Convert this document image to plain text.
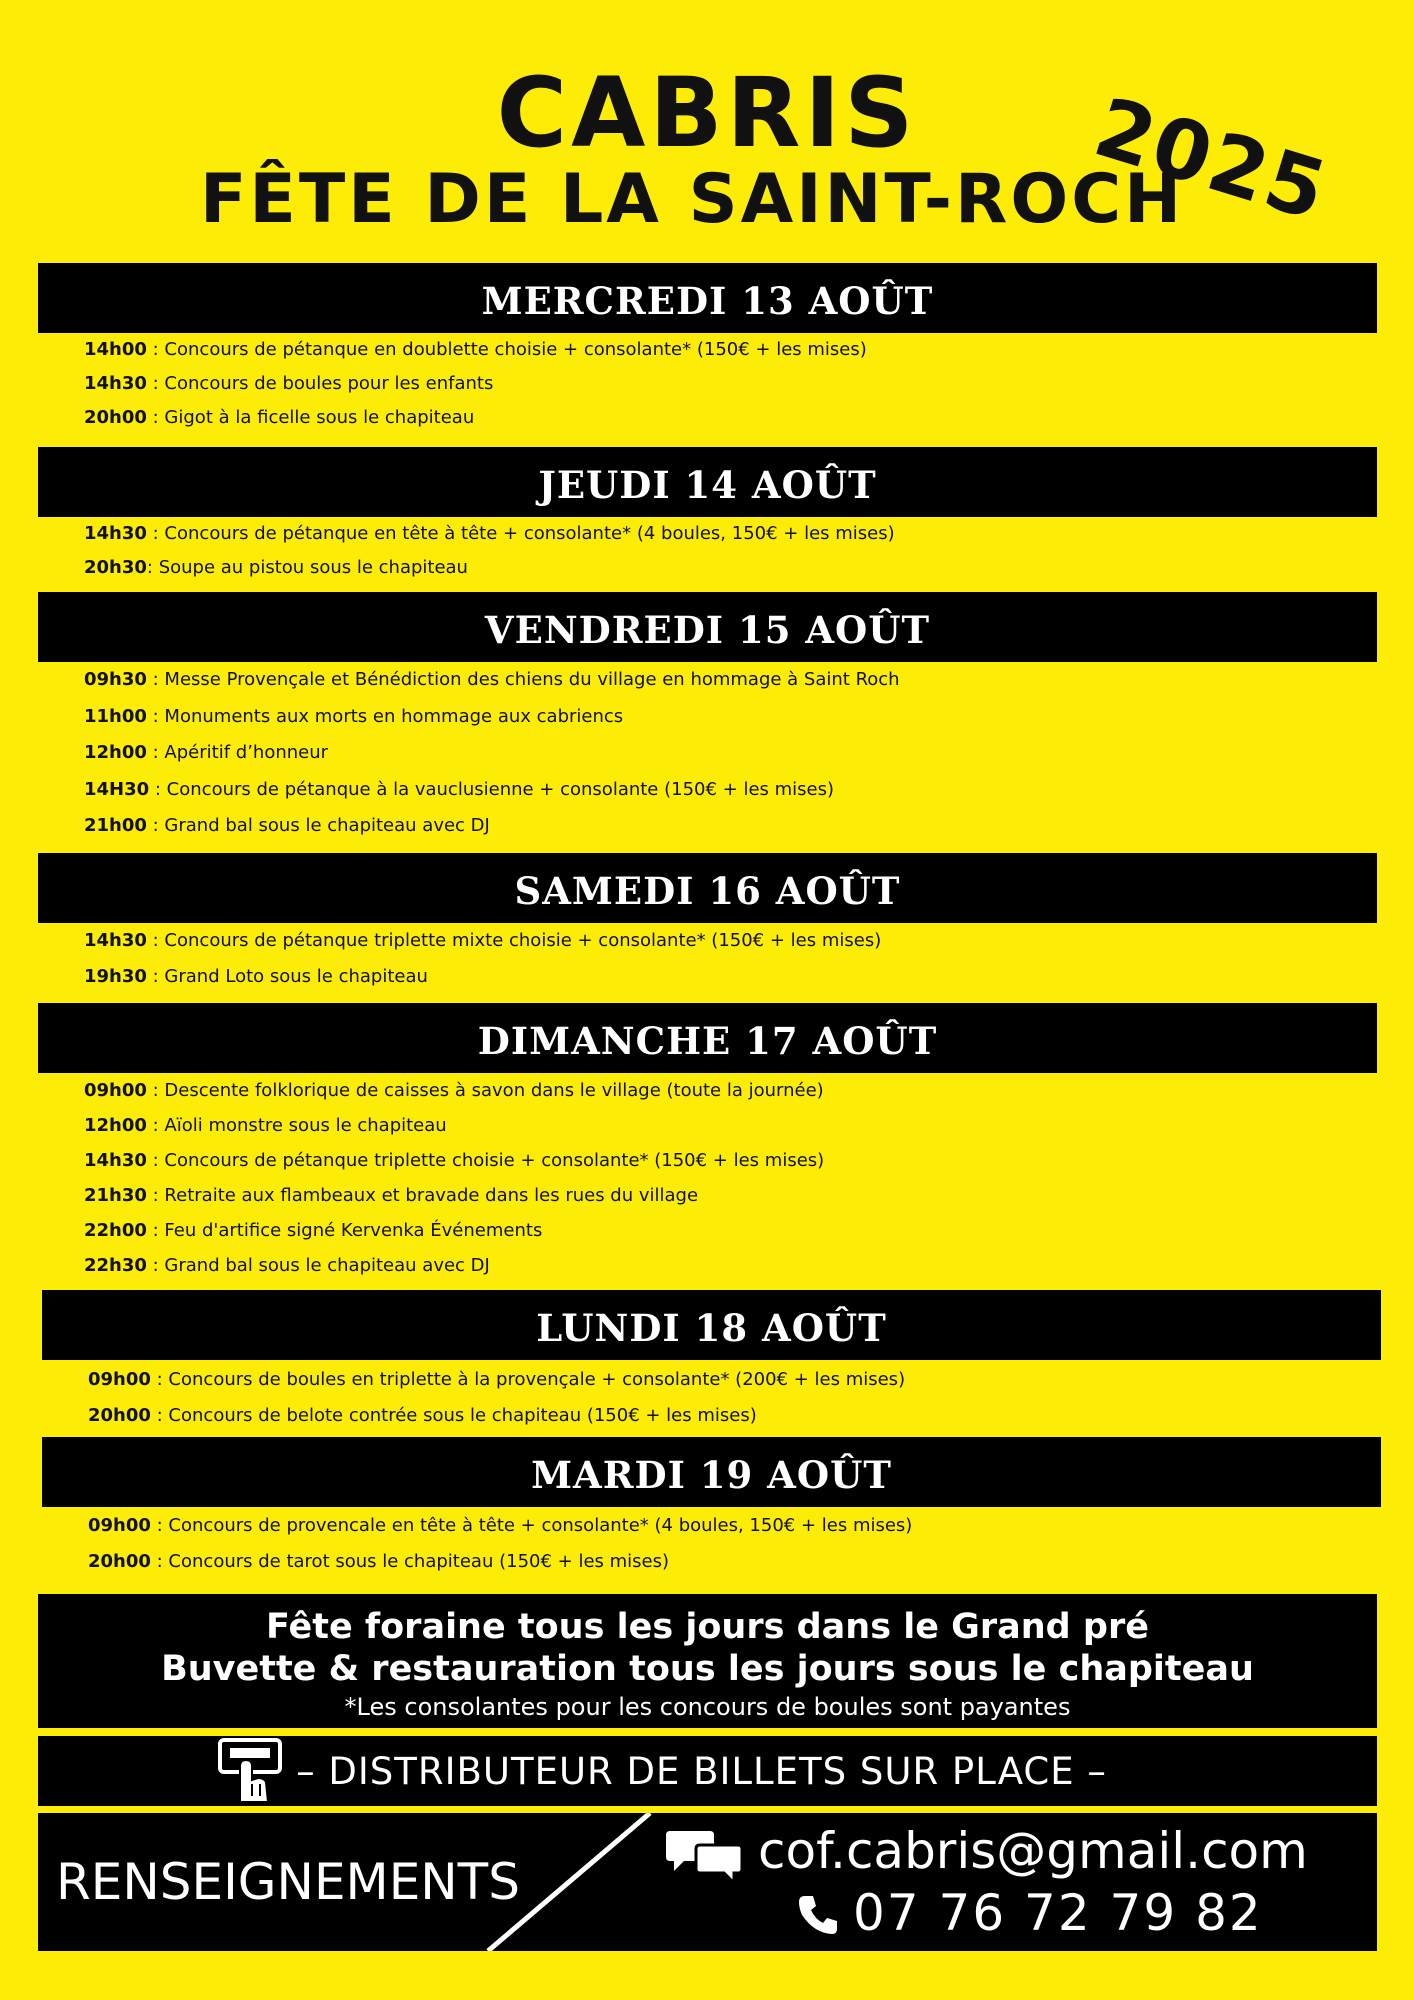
CABRIS
FÊTE DE LA SAINT-ROCH
2025
MERCREDI 13 AOÛT
14h00 : Concours de pétanque en doublette choisie + consolante* (150€ + les mises)
14h30 : Concours de boules pour les enfants
20h00 : Gigot à la ficelle sous le chapiteau
JEUDI 14 AOÛT
14h30 : Concours de pétanque en tête à tête + consolante* (4 boules, 150€ + les mises)
20h30: Soupe au pistou sous le chapiteau
VENDREDI 15 AOÛT
09h30 : Messe Provençale et Bénédiction des chiens du village en hommage à Saint Roch
11h00 : Monuments aux morts en hommage aux cabriencs
12h00 : Apéritif d’honneur
14H30 : Concours de pétanque à la vauclusienne + consolante (150€ + les mises)
21h00 : Grand bal sous le chapiteau avec DJ
SAMEDI 16 AOÛT
14h30 : Concours de pétanque triplette mixte choisie + consolante* (150€ + les mises)
19h30 : Grand Loto sous le chapiteau
DIMANCHE 17 AOÛT
09h00 : Descente folklorique de caisses à savon dans le village (toute la journée)
12h00 : Aïoli monstre sous le chapiteau
14h30 : Concours de pétanque triplette choisie + consolante* (150€ + les mises)
21h30 : Retraite aux flambeaux et bravade dans les rues du village
22h00 : Feu d'artifice signé Kervenka Événements
22h30 : Grand bal sous le chapiteau avec DJ
LUNDI 18 AOÛT
09h00 : Concours de boules en triplette à la provençale + consolante* (200€ + les mises)
20h00 : Concours de belote contrée sous le chapiteau (150€ + les mises)
MARDI 19 AOÛT
09h00 : Concours de provencale en tête à tête + consolante* (4 boules, 150€ + les mises)
20h00 : Concours de tarot sous le chapiteau (150€ + les mises)
Fête foraine tous les jours dans le Grand pré
Buvette & restauration tous les jours sous le chapiteau
*Les consolantes pour les concours de boules sont payantes
– DISTRIBUTEUR DE BILLETS SUR PLACE –
RENSEIGNEMENTS
cof.cabris@gmail.com
07 76 72 79 82
